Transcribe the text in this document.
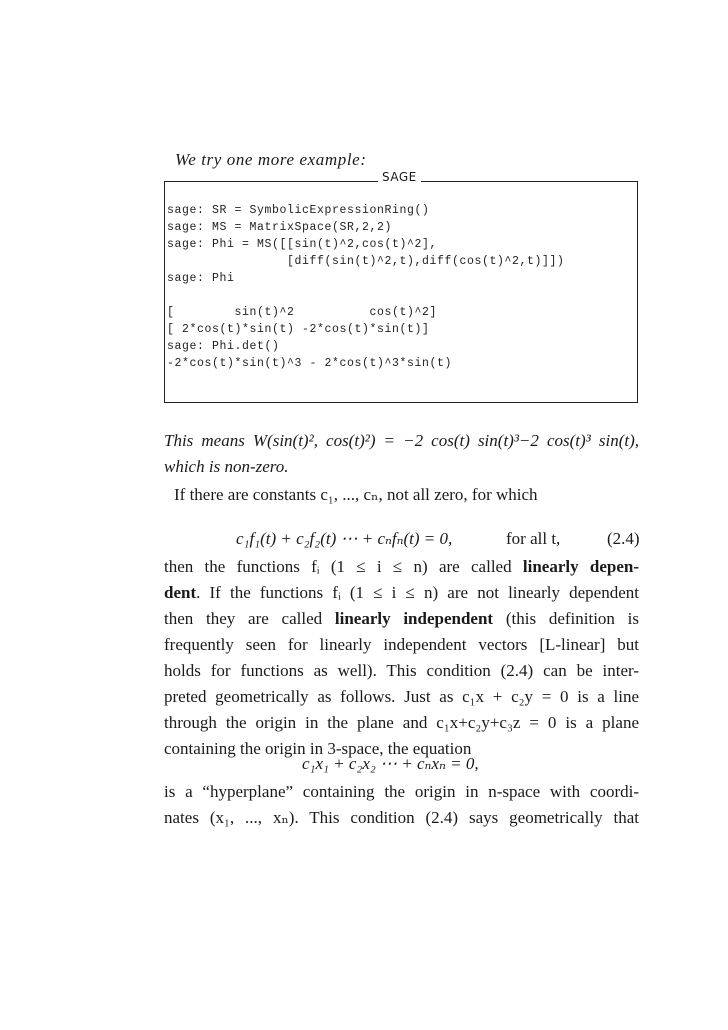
We try one more example:
SAGE
sage: SR = SymbolicExpressionRing()
sage: MS = MatrixSpace(SR,2,2)
sage: Phi = MS([[sin(t)^2,cos(t)^2],
[diff(sin(t)^2,t),diff(cos(t)^2,t)]])
sage: Phi

[        sin(t)^2          cos(t)^2]
[ 2*cos(t)*sin(t) -2*cos(t)*sin(t)]
sage: Phi.det()
-2*cos(t)*sin(t)^3 - 2*cos(t)^3*sin(t)
This means W(sin(t)², cos(t)²) = −2 cos(t) sin(t)³−2 cos(t)³ sin(t),
which is non-zero.
If there are constants c₁, ..., cₙ, not all zero, for which
c₁f₁(t) + c₂f₂(t) ⋯ + cₙfₙ(t) = 0,	for all t,	(2.4)
then the functions fᵢ (1 ≤ i ≤ n) are called linearly depen-
dent. If the functions fᵢ (1 ≤ i ≤ n) are not linearly dependent
then they are called linearly independent (this definition is
frequently seen for linearly independent vectors [L-linear] but
holds for functions as well). This condition (2.4) can be inter-
preted geometrically as follows. Just as c₁x + c₂y = 0 is a line
through the origin in the plane and c₁x+c₂y+c₃z = 0 is a plane
containing the origin in 3-space, the equation
c₁x₁ + c₂x₂ ⋯ + cₙxₙ = 0,
is a “hyperplane” containing the origin in n-space with coordi-
nates (x₁, ..., xₙ). This condition (2.4) says geometrically that
